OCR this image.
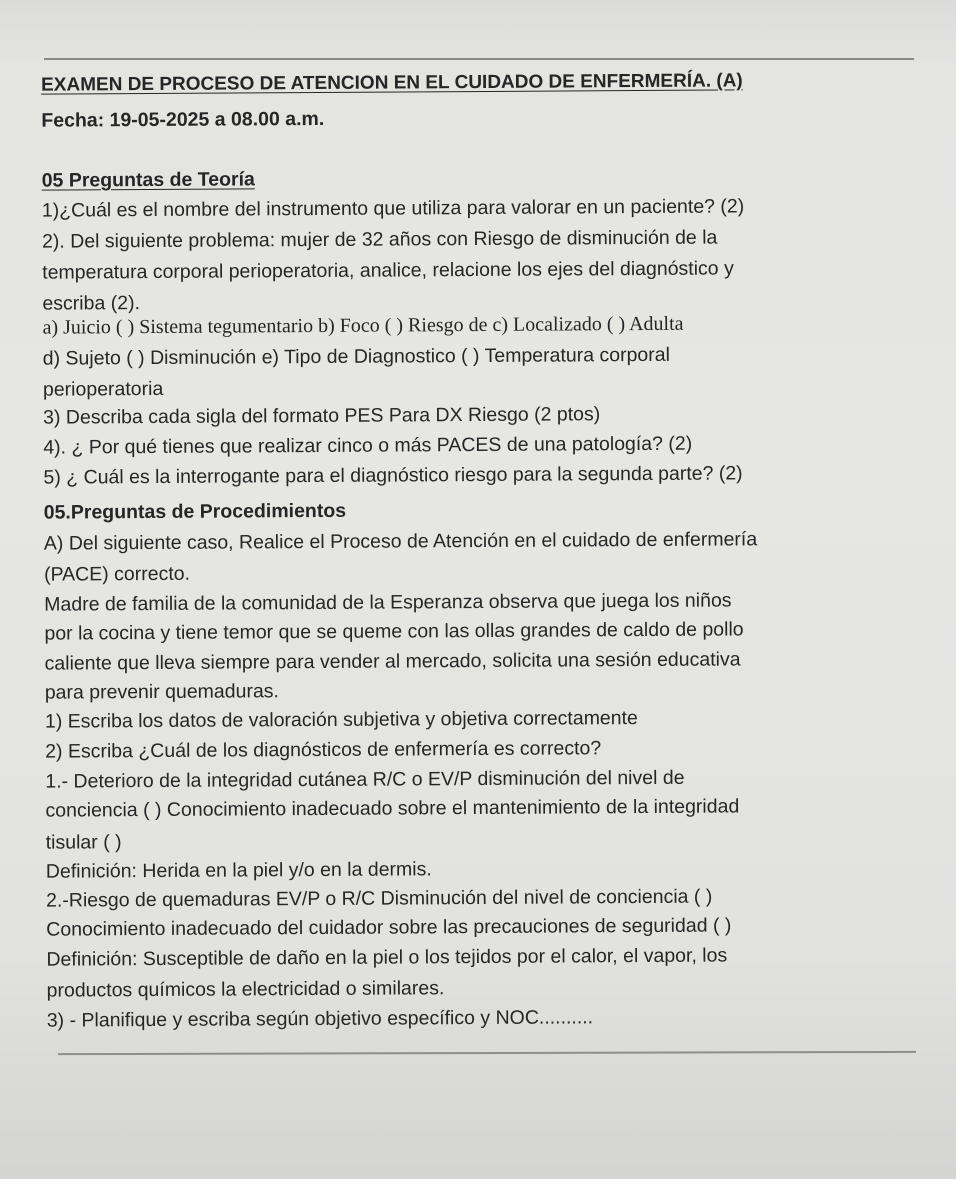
EXAMEN DE PROCESO DE ATENCION EN EL CUIDADO DE ENFERMERÍA. (A)
Fecha: 19-05-2025 a 08.00 a.m.
05 Preguntas de Teoría
1)¿Cuál es el nombre del instrumento que utiliza para valorar en un paciente? (2)
2). Del siguiente problema: mujer de 32 años con Riesgo de disminución de la
temperatura corporal perioperatoria, analice, relacione los ejes del diagnóstico y
escriba (2).
a) Juicio ( ) Sistema tegumentario b) Foco ( ) Riesgo de c) Localizado ( ) Adulta
d) Sujeto ( ) Disminución e) Tipo de Diagnostico ( ) Temperatura corporal
perioperatoria
3) Describa cada sigla del formato PES Para DX Riesgo (2 ptos)
4). ¿ Por qué tienes que realizar cinco o más PACES de una patología? (2)
5) ¿ Cuál es la interrogante para el diagnóstico riesgo para la segunda parte? (2)
05.Preguntas de Procedimientos
A) Del siguiente caso, Realice el Proceso de Atención en el cuidado de enfermería
(PACE) correcto.
Madre de familia de la comunidad de la Esperanza observa que juega los niños
por la cocina y tiene temor que se queme con las ollas grandes de caldo de pollo
caliente que lleva siempre para vender al mercado, solicita una sesión educativa
para prevenir quemaduras.
1) Escriba los datos de valoración subjetiva y objetiva correctamente
2) Escriba ¿Cuál de los diagnósticos de enfermería es correcto?
1.- Deterioro de la integridad cutánea R/C o EV/P disminución del nivel de
conciencia ( ) Conocimiento inadecuado sobre el mantenimiento de la integridad
tisular ( )
Definición: Herida en la piel y/o en la dermis.
2.-Riesgo de quemaduras EV/P o R/C Disminución del nivel de conciencia ( )
Conocimiento inadecuado del cuidador sobre las precauciones de seguridad ( )
Definición: Susceptible de daño en la piel o los tejidos por el calor, el vapor, los
productos químicos la electricidad o similares.
3) - Planifique y escriba según objetivo específico y NOC..........
